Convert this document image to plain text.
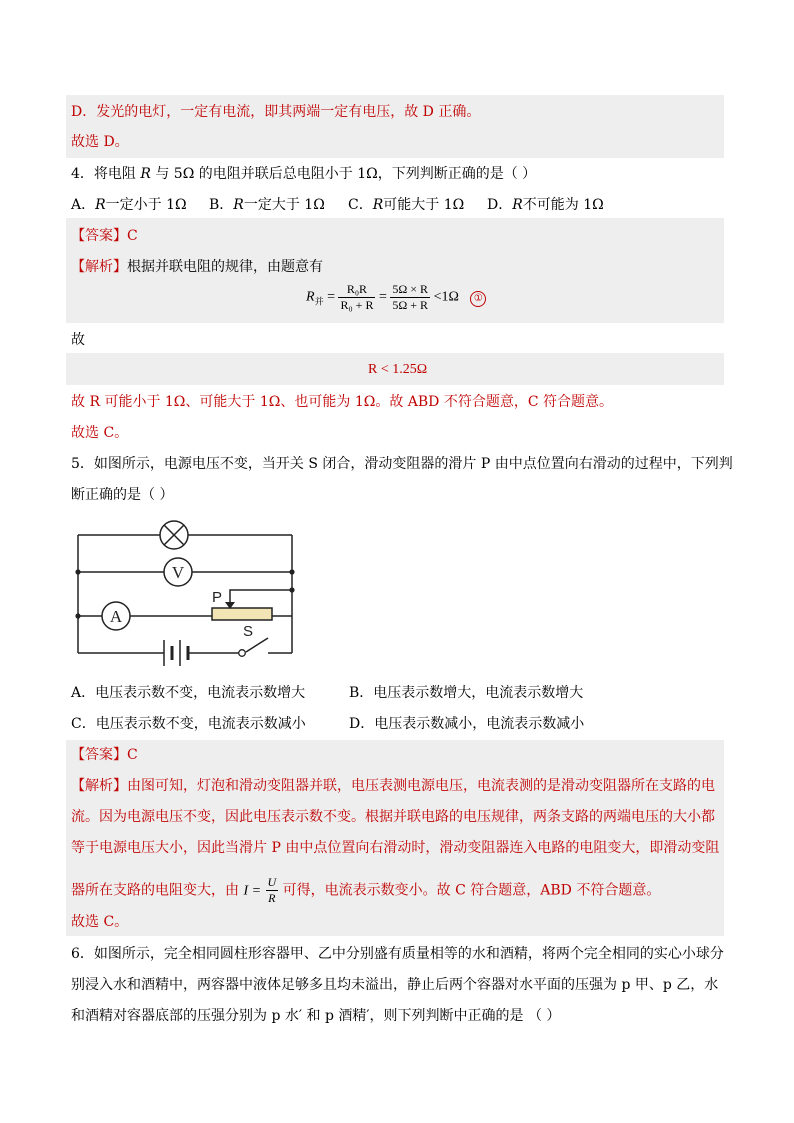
D．发光的电灯，一定有电流，即其两端一定有电压，故 D 正确。
故选 D。
4．将电阻 R 与 5Ω 的电阻并联后总电阻小于 1Ω，下列判断正确的是（ ）
A．R一定小于 1Ω B．R一定大于 1Ω C．R可能大于 1Ω D．R不可能为 1Ω
【答案】C
【解析】根据并联电阻的规律，由题意有
$R_并 = \frac{\text{R₀R}}{\text{R₀ + R}} = \frac{5\Omega \times R}{5\Omega + R} <1\Omega$ ①
故
R < 1.25Ω
故 R 可能小于 1Ω、可能大于 1Ω、也可能为 1Ω。故 ABD 不符合题意，C 符合题意。
故选 C。
5．如图所示，电源电压不变，当开关 S 闭合，滑动变阻器的滑片 P 由中点位置向右滑动的过程中，下列判
断正确的是（ ）
V
A
P
S
A．电压表示数不变，电流表示数增大	B．电压表示数增大，电流表示数增大
C．电压表示数不变，电流表示数减小	D．电压表示数减小，电流表示数减小
【答案】C
【解析】由图可知，灯泡和滑动变阻器并联，电压表测电源电压，电流表测的是滑动变阻器所在支路的电
流。因为电源电压不变，因此电压表示数不变。根据并联电路的电压规律，两条支路的两端电压的大小都
等于电源电压大小，因此当滑片 P 由中点位置向右滑动时，滑动变阻器连入电路的电阻变大，即滑动变阻
器所在支路的电阻变大，由 $I = \frac{U}{R}$ 可得，电流表示数变小。故 C 符合题意，ABD 不符合题意。
故选 C。
6．如图所示，完全相同圆柱形容器甲、乙中分别盛有质量相等的水和酒精，将两个完全相同的实心小球分
别浸入水和酒精中，两容器中液体足够多且均未溢出，静止后两个容器对水平面的压强为 p 甲、p 乙，水
和酒精对容器底部的压强分别为 p 水′ 和 p 酒精′，则下列判断中正确的是 （ ）
